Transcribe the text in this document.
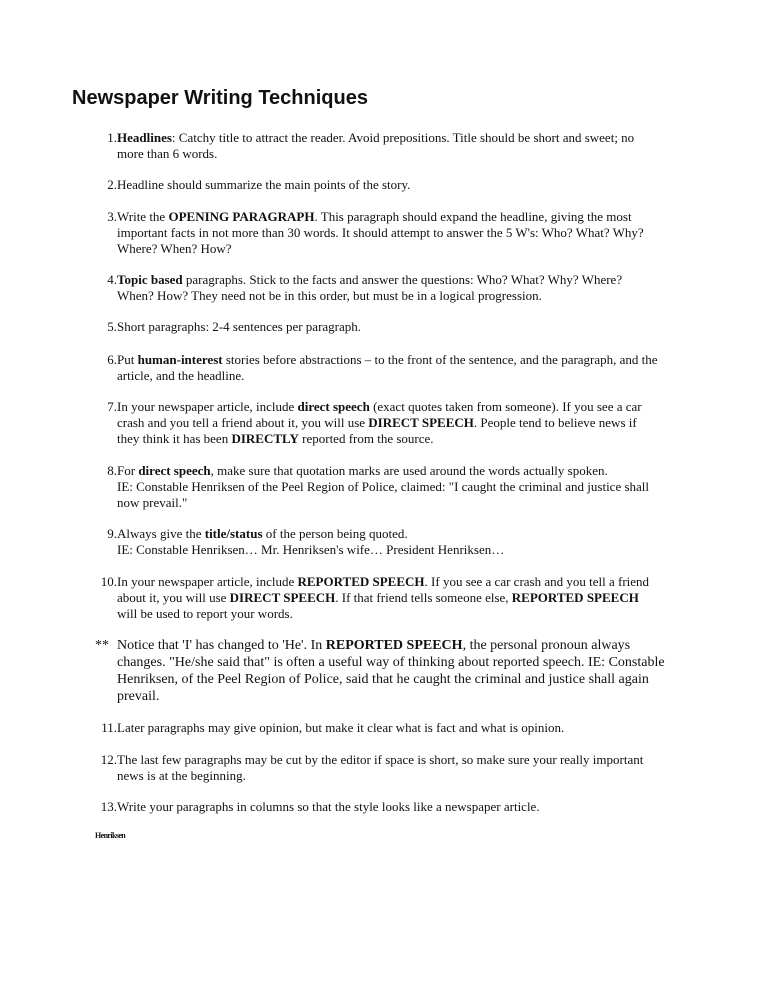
Newspaper Writing Techniques
1. Headlines: Catchy title to attract the reader. Avoid prepositions. Title should be short and sweet; no
more than 6 words.
2. Headline should summarize the main points of the story.
3. Write the OPENING PARAGRAPH. This paragraph should expand the headline, giving the most
important facts in not more than 30 words. It should attempt to answer the 5 W's: Who? What? Why?
Where? When? How?
4. Topic based paragraphs. Stick to the facts and answer the questions: Who? What? Why? Where?
When? How? They need not be in this order, but must be in a logical progression.
5. Short paragraphs: 2-4 sentences per paragraph.
6. Put human-interest stories before abstractions – to the front of the sentence, and the paragraph, and the
article, and the headline.
7. In your newspaper article, include direct speech (exact quotes taken from someone). If you see a car
crash and you tell a friend about it, you will use DIRECT SPEECH. People tend to believe news if
they think it has been DIRECTLY reported from the source.
8. For direct speech, make sure that quotation marks are used around the words actually spoken.
IE: Constable Henriksen of the Peel Region of Police, claimed: "I caught the criminal and justice shall
now prevail."
9. Always give the title/status of the person being quoted.
IE: Constable Henriksen… Mr. Henriksen's wife… President Henriksen…
10. In your newspaper article, include REPORTED SPEECH. If you see a car crash and you tell a friend
about it, you will use DIRECT SPEECH. If that friend tells someone else, REPORTED SPEECH
will be used to report your words.
** Notice that 'I' has changed to 'He'. In REPORTED SPEECH, the personal pronoun always
changes. "He/she said that" is often a useful way of thinking about reported speech. IE: Constable
Henriksen, of the Peel Region of Police, said that he caught the criminal and justice shall again
prevail.
11. Later paragraphs may give opinion, but make it clear what is fact and what is opinion.
12. The last few paragraphs may be cut by the editor if space is short, so make sure your really important
news is at the beginning.
13. Write your paragraphs in columns so that the style looks like a newspaper article.
Henriksen
